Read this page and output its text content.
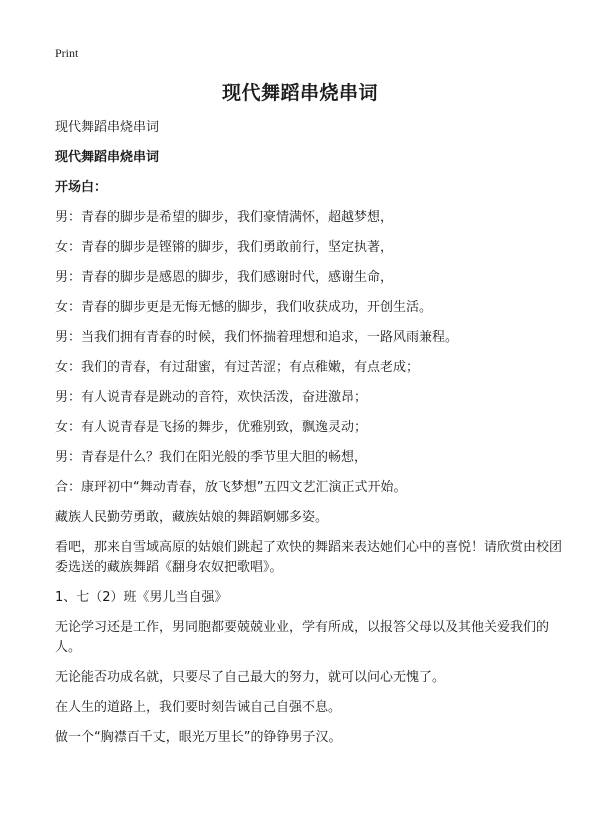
Print
现代舞蹈串烧串词

现代舞蹈串烧串词

现代舞蹈串烧串词

开场白：

男：青春的脚步是希望的脚步，我们豪情满怀，超越梦想，

女：青春的脚步是铿锵的脚步，我们勇敢前行，坚定执著，

男：青春的脚步是感恩的脚步，我们感谢时代，感谢生命，

女：青春的脚步更是无悔无憾的脚步，我们收获成功，开创生活。

男：当我们拥有青春的时候，我们怀揣着理想和追求，一路风雨兼程。

女：我们的青春，有过甜蜜，有过苦涩；有点稚嫩，有点老成；

男：有人说青春是跳动的音符，欢快活泼，奋进激昂；

女：有人说青春是飞扬的舞步，优雅别致，飘逸灵动；

男：青春是什么？我们在阳光般的季节里大胆的畅想，

合：康玶初中“舞动青春，放飞梦想”五四文艺汇演正式开始。

藏族人民勤劳勇敢，藏族姑娘的舞蹈婀娜多姿。

看吧，那来自雪域高原的姑娘们跳起了欢快的舞蹈来表达她们心中的喜悦！请欣赏由校团委选送的藏族舞蹈《翻身农奴把歌唱》。

1、七（2）班《男儿当自强》

无论学习还是工作，男同胞都要兢兢业业，学有所成，以报答父母以及其他关爱我们的人。

无论能否功成名就，只要尽了自己最大的努力，就可以问心无愧了。

在人生的道路上，我们要时刻告诫自己自强不息。

做一个“胸襟百千丈，眼光万里长”的铮铮男子汉。
